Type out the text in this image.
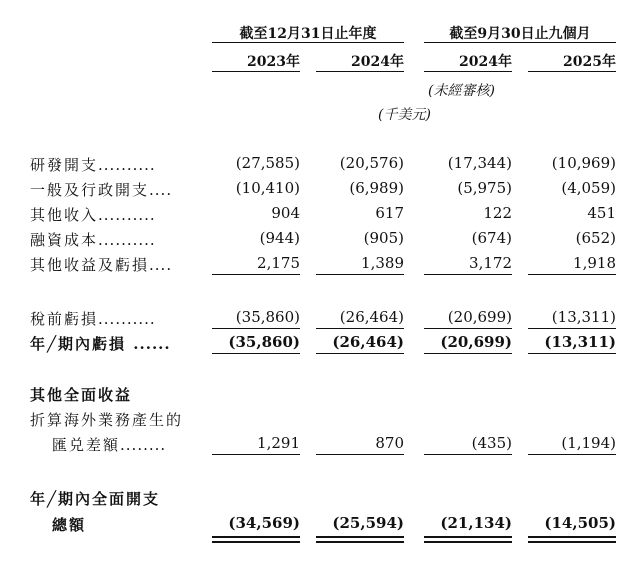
截至12月31日止年度	截至9月30日止九個月
2023年	2024年	2024年	2025年
(未經審核)
(千美元)
研發開支..........	(27,585)	(20,576)	(17,344)	(10,969)
一般及行政開支....	(10,410)	(6,989)	(5,975)	(4,059)
其他收入..........	904	617	122	451
融資成本..........	(944)	(905)	(674)	(652)
其他收益及虧損....	2,175	1,389	3,172	1,918
稅前虧損..........	(35,860)	(26,464)	(20,699)	(13,311)
年╱期內虧損 ......	(35,860)	(26,464)	(20,699)	(13,311)
其他全面收益
折算海外業務產生的
匯兑差額........	1,291	870	(435)	(1,194)
年╱期內全面開支
總額	(34,569)	(25,594)	(21,134)	(14,505)
